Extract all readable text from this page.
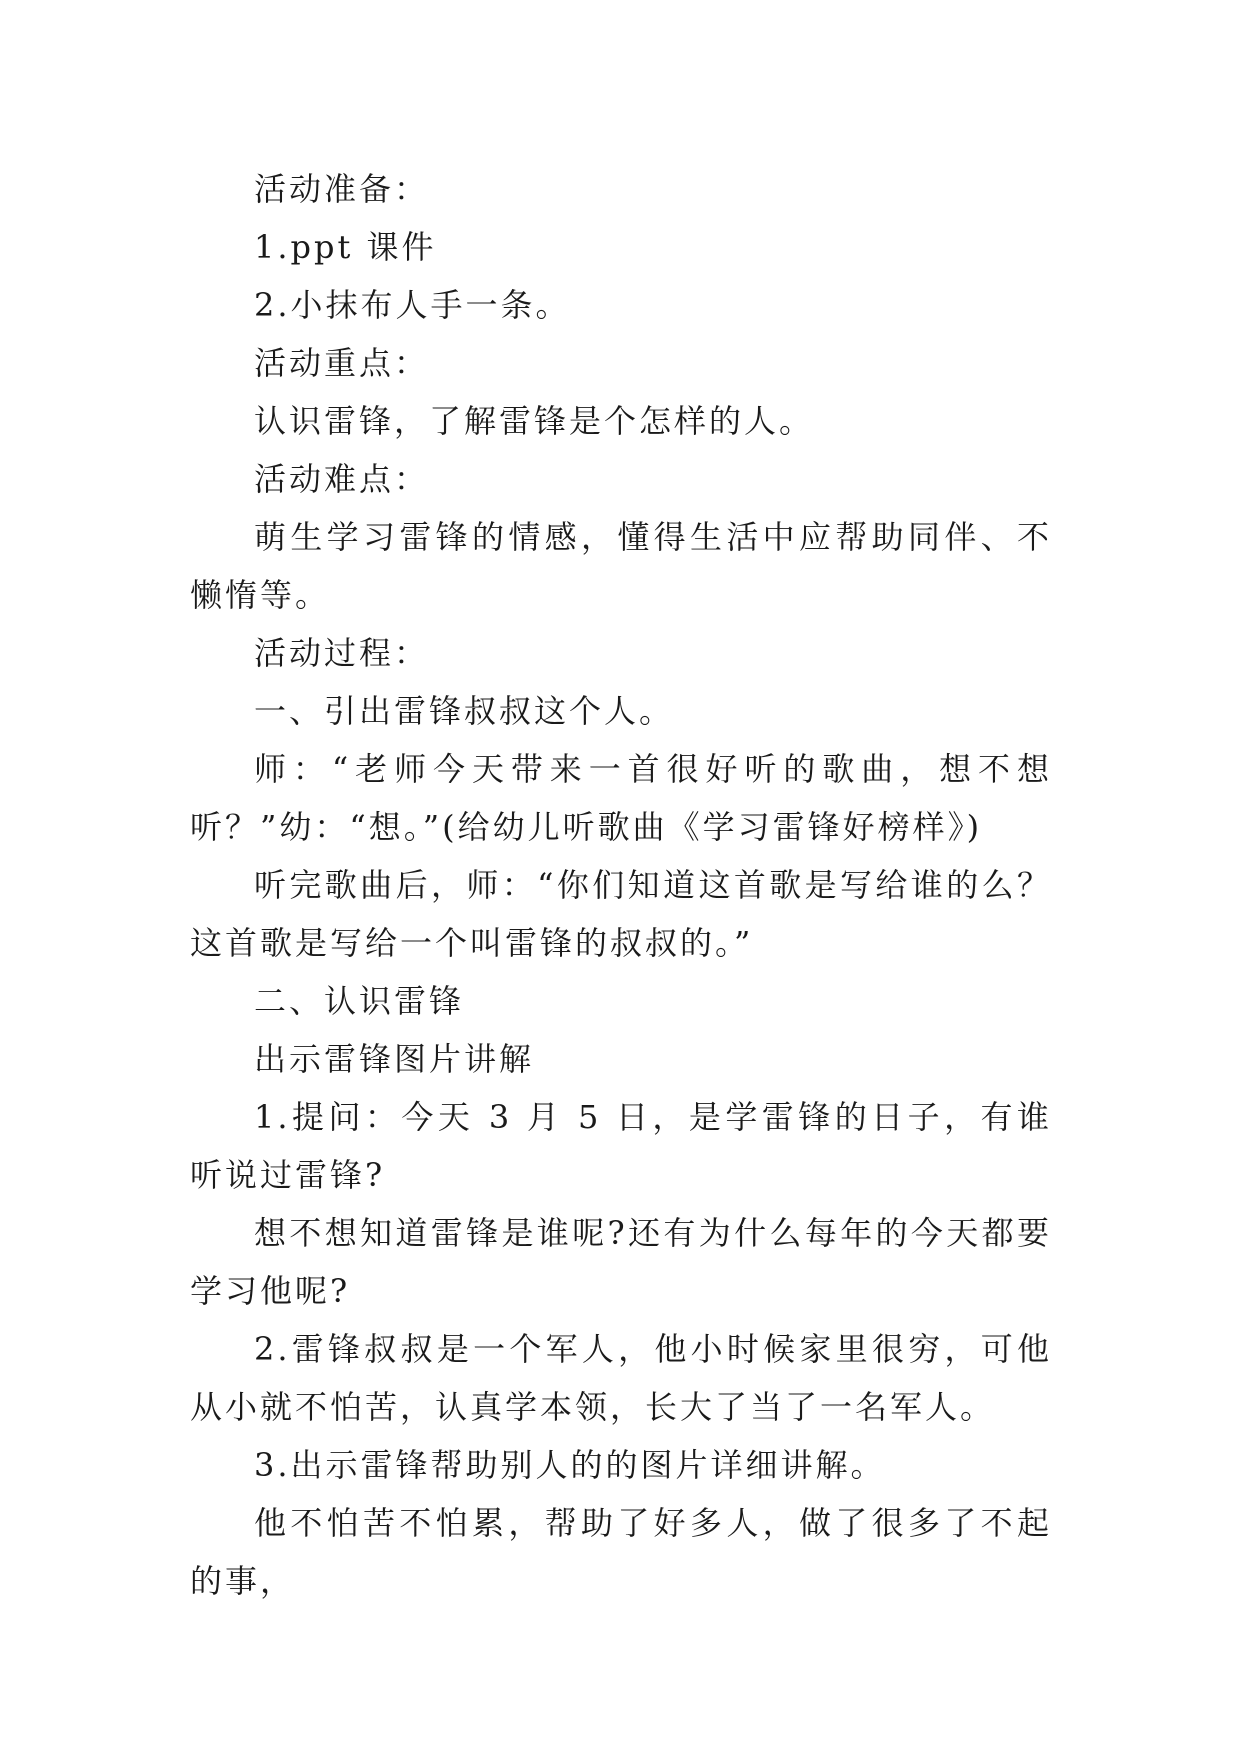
活动准备：

1.ppt 课件

2.小抹布人手一条。

活动重点：

认识雷锋，了解雷锋是个怎样的人。

活动难点：

萌生学习雷锋的情感，懂得生活中应帮助同伴、不懒惰等。

活动过程：

一、引出雷锋叔叔这个人。

师：“老师今天带来一首很好听的歌曲，想不想听？”幼：“想。”(给幼儿听歌曲《学习雷锋好榜样》)

听完歌曲后，师：“你们知道这首歌是写给谁的么？这首歌是写给一个叫雷锋的叔叔的。”

二、认识雷锋

出示雷锋图片讲解

1.提问：今天 3 月 5 日，是学雷锋的日子，有谁听说过雷锋?

想不想知道雷锋是谁呢?还有为什么每年的今天都要学习他呢?

2.雷锋叔叔是一个军人，他小时候家里很穷，可他从小就不怕苦，认真学本领，长大了当了一名军人。

3.出示雷锋帮助别人的的图片详细讲解。

他不怕苦不怕累，帮助了好多人，做了很多了不起的事，
